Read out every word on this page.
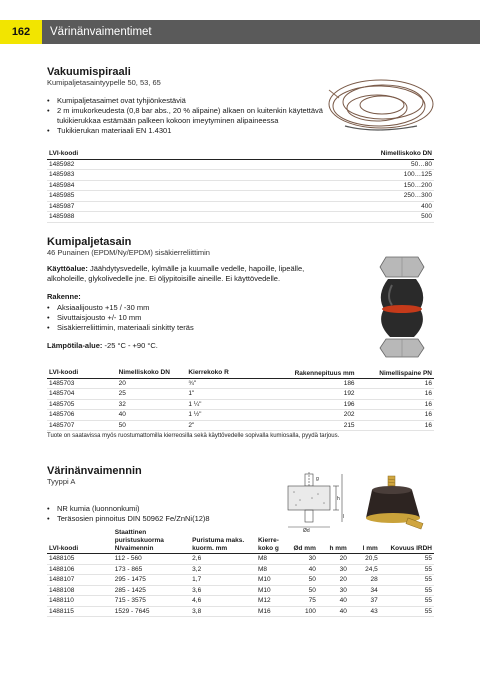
162	Värinänvaimentimet
Vakuumispiraali
Kumipaljetasaintyypelle 50, 53, 65
• Kumipaljetasaimet ovat tyhjiönkestäviä
• 2 m imukorkeudesta (0,8 bar abs., 20 % alipaine) alkaen on kuitenkin käytettävä tukikierukkaa estämään palkeen kokoon imeytyminen alipaineessa
• Tukikierukan materiaali EN 1.4301
LVI-koodi	Nimelliskoko DN
1485982	50…80
1485983	100…125
1485984	150…200
1485985	250…300
1485987	400
1485988	500
Kumipaljetasain
46 Punainen (EPDM/Ny/EPDM) sisäkierreliittimin
Käyttöalue: Jäähdytysvedelle, kylmälle ja kuumalle vedelle, hapoille, lipeälle, alkoholeille, glykolivedelle jne. Ei öljypitoisille aineille. Ei käyttövedelle.
Rakenne:
• Aksiaalijousto +15 / -30 mm
• Sivuttaisjousto +/- 10 mm
• Sisäkierreliittimin, materiaali sinkitty teräs
Lämpötila-alue: -25 °C - +90 °C.
LVI-koodi	Nimelliskoko DN	Kierrekoko R	Rakennepituus mm	Nimellispaine PN
1485703	20	¾"	186	16
1485704	25	1"	192	16
1485705	32	1 ¼"	196	16
1485706	40	1 ½"	202	16
1485707	50	2"	215	16
Tuote on saatavissa myös ruostumattomilla kierreosilla sekä käyttövedelle sopivalla kumiosalla, pyydä tarjous.
Värinänvaimennin
Tyyppi A
• NR kumia (luonnonkumi)
• Teräsosien pinnoitus DIN 50962 Fe/ZnNi(12)8
g
h
l
Ød
LVI-koodi	Staattinen puristuskuorma N/vaimennin	Puristuma maks. kuorm. mm	Kierre-koko g	Ød mm	h mm	l mm	Kovuus IRDH
1488105	112 - 560	2,6	M8	30	20	20,5	55
1488106	173 - 865	3,2	M8	40	30	24,5	55
1488107	295 - 1475	1,7	M10	50	20	28	55
1488108	285 - 1425	3,6	M10	50	30	34	55
1488110	715 - 3575	4,6	M12	75	40	37	55
1488115	1529 - 7645	3,8	M16	100	40	43	55
